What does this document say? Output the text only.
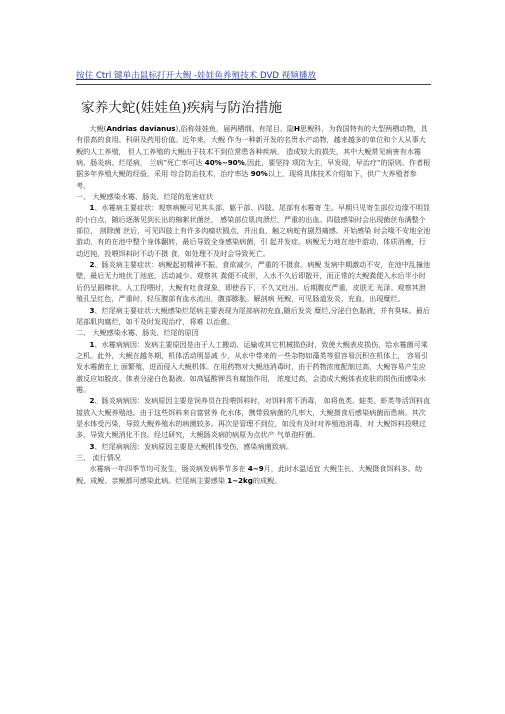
按住 Ctrl 键单击鼠标打开大鲵 -娃娃鱼养殖技术 DVD 视频播放
家养大蛇(娃娃鱼)疾病与防治措施

大鲵(Andrias davianus),俗称娃娃鱼，届两栖纲、有尾目、隐H思鲵科，为我国特有的大型两栖动物，具有很高的食用、科研及药用价值。近年来，大鲵 作为一种新开发的名贵水产动物，越来越多的单位和个人从事大鲵的人工养殖， 但人工养殖的大鲵由于技术不到位常患各种疾病， 造成较大的损失，其中大鲵常见病害有水霉病、肠炎病、烂尾病， 兰病”死亡率可达 40%~90%,因此，要坚持 项防为主，早发现，早治疗”的原则。作者根据多年养殖大鲵的经验，采用 综合防治技术，治疗率达 90%以上，现将具体技术介绍如下，供广大养殖者参 考。

一、 大鲵感染水霉、肠炎、烂尾的危害症状

1、水霉病主要症状：观察病鲵可见其头部、躯干部、四肢、尾部有水霉寄 生。早期只见寄生部位边缘不明显的小白点，随后逐渐见到长出的棉絮状菌丝， 感染部位肌肉溃烂，严重的出血。四肢感染时会出现菌丝布满整个部位， 剖除菌 丝后，可见四肢上有许多肉瘤状圆点，并出血，触之病蛇有剧烈痛感。开始感染 时会喙不安地全池游动，有的在池中整个身体翻转，最后导致全身感染病菌，引 起并发症。病鲵无力地在池中游动，体质消瘦，行动迟钝，投喂饵料时不动不摄 食，如处理不及时会导致死亡。

2、肠炎病主要症状：病鲵起初精神不振，食欲减少，严重的不摄食。病鲵 发病中期激动不安，在池中乱撞池壁，最后无力地伏丁池底，活动减少。观察其 粪便不成形，入水不久后即散开，而正常的大鲵粪便入水后半小时后仍呈圆棒状。人工投喂时，大鲵有吐食现象，即使吞下，不久又吐出。后期腹皮严重，皮肤无 光泽。观察其泄殖孔呈红色，严重时，轻压腹部有血水流出，腹部膨胀。解剖病 死鲵，可见肠道发炎、充血，出现糜烂。

3、烂尾病主要症状:大鲵感染烂尾病主要表现为尾部病初充血,随后发炎 糜烂,分泌白色黏液，并有臭味。最后尾部肌肉腐烂，如不及时发现治疗，将难 以治愈。

二、 大鲵感染水霉、肠炎、烂尾的原因

1、水霉病病因：发病主要原因是由于人工搬动、运输或其它机械损伤时，致使大鲵表皮损伤，给水霉菌可乘之机。此外，大鲵在越冬期，机体活动明显减 少，从水中带来的一些杂物如藻类等很容易沉积在机体上， 容易引发水霉菌在上 面繁殖，进而侵入大鲵机体。在用药物对大鲵池消毒时，由于药物浓度配制过高，大鲵容易产生应激反应如脱皮、体表分泌白色黏液。如高锰酸钾具有腐蚀作用， 浓度过高，会造成大鲵体表皮肤的损伤而感染水霉。

2、肠炎病病因：发病原因主要是饲养员在投喂饵料时，对饵料常不消毒， 如将鱼类、蛙类、虾类等活饵料直接放入大鲵养殖池。由于这些饵料来自富营养 化水体，携带致病菌的几率大，大鲵摄食后感染病菌而患病。其次是水体受污染，导致大鲵养殖水的病菌较多。再次是管理不到位，如没有及时对养殖池消毒，对 大鲵饵料投喂过多，导致大鲵消化不良。经过研究，大鲵肠炎病的病原为点状产 气单孢杆菌。

3、烂尾病病因：发病原因主要是大鲵机体受伤，感染病菌致病。

三、 流行情况

水霉病一年四季节均可发生，肠炎病发病季节多在 4~9月，此时水温适宜 大鲵生长，大鲵摄食饵料多。幼鲵、成鲵、亲鲵都可感染此病。烂尾病主要感染 1~2kg的成鲵。
